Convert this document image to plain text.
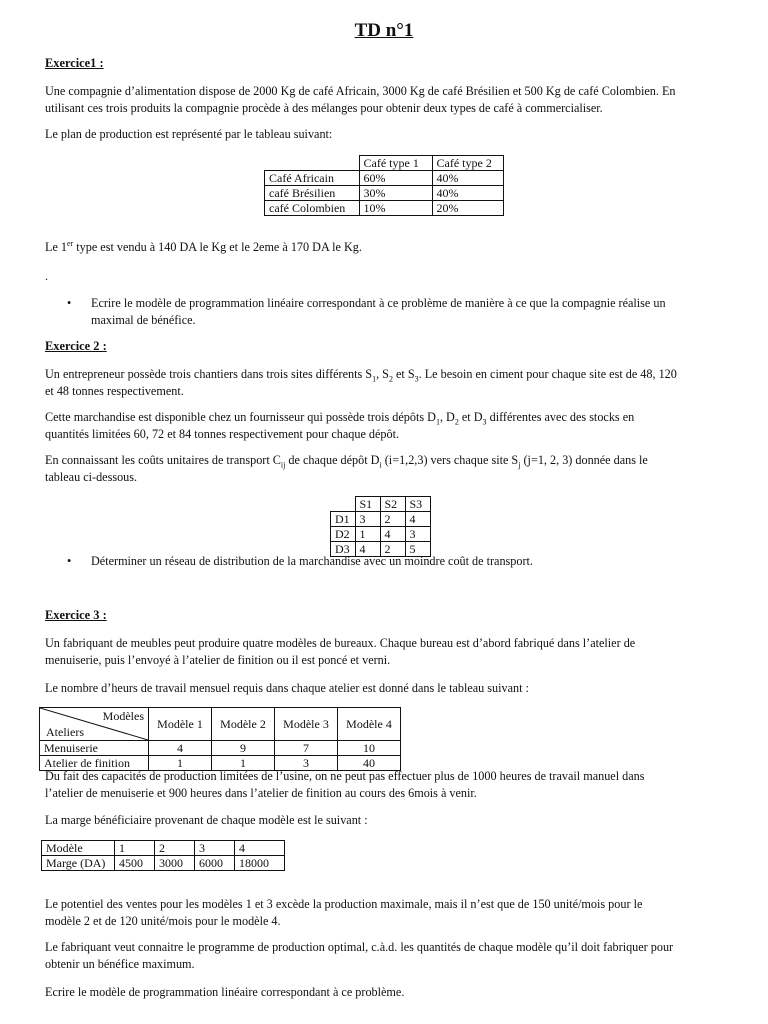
TD n°1
Exercice1 :
Une compagnie d’alimentation dispose de 2000 Kg de café Africain, 3000 Kg de café Brésilien et 500 Kg de café Colombien. En
utilisant ces trois produits la compagnie procède à des mélanges pour obtenir deux types de café à commercialiser.
Le plan de production est représenté par le tableau suivant:
	Café type 1	Café type 2
Café Africain	60%	40%
café Brésilien	30%	40%
café Colombien	10%	20%
Le 1er type est vendu à 140 DA le Kg et le 2eme à 170 DA le Kg.
.
• Ecrire le modèle de programmation linéaire correspondant à ce problème de manière à ce que la compagnie réalise un
maximal de bénéfice.
Exercice 2 :
Un entrepreneur possède trois chantiers dans trois sites différents $S_1$, $S_2$ et $S_3$. Le besoin en ciment pour chaque site est de 48, 120
et 48 tonnes respectivement.
Cette marchandise est disponible chez un fournisseur qui possède trois dépôts $D_1$, $D_2$ et $D_3$ différentes avec des stocks en
quantités limitées 60, 72 et 84 tonnes respectivement pour chaque dépôt.
En connaissant les coûts unitaires de transport $C_{ij}$ de chaque dépôt $D_i$ (i=1,2,3) vers chaque site $S_j$ (j=1, 2, 3) donnée dans le
tableau ci-dessous.
	S1	S2	S3
D1	3	2	4
D2	1	4	3
D3	4	2	5
• Déterminer un réseau de distribution de la marchandise avec un moindre coût de transport.
Exercice 3 :
Un fabriquant de meubles peut produire quatre modèles de bureaux. Chaque bureau est d’abord fabriqué dans l’atelier de
menuiserie, puis l’envoyé à l’atelier de finition ou il est poncé et verni.
Le nombre d’heurs de travail mensuel requis dans chaque atelier est donné dans le tableau suivant :
Modèles
Ateliers	Modèle 1	Modèle 2	Modèle 3	Modèle 4
Menuiserie	4	9	7	10
Atelier de finition	1	1	3	40
Du fait des capacités de production limitées de l’usine, on ne peut pas effectuer plus de 1000 heures de travail manuel dans
l’atelier de menuiserie et 900 heures dans l’atelier de finition au cours des 6mois à venir.
La marge bénéficiaire provenant de chaque modèle est le suivant :
Modèle	1	2	3	4
Marge (DA)	4500	3000	6000	18000
Le potentiel des ventes pour les modèles 1 et 3 excède la production maximale, mais il n’est que de 150 unité/mois pour le
modèle 2 et de 120 unité/mois pour le modèle 4.
Le fabriquant veut connaitre le programme de production optimal, c.à.d. les quantités de chaque modèle qu’il doit fabriquer pour
obtenir un bénéfice maximum.
Ecrire le modèle de programmation linéaire correspondant à ce problème.
